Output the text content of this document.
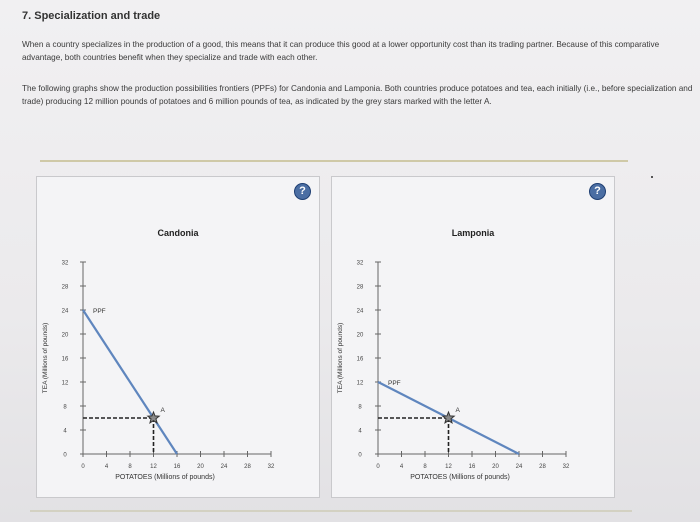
7. Specialization and trade
When a country specializes in the production of a good, this means that it can produce this good at a lower opportunity cost than its trading partner. Because of this comparative advantage, both countries benefit when they specialize and trade with each other.
The following graphs show the production possibilities frontiers (PPFs) for Candonia and Lamponia. Both countries produce potatoes and tea, each initially (i.e., before specialization and trade) producing 12 million pounds of potatoes and 6 million pounds of tea, as indicated by the grey stars marked with the letter A.
?
Candonia
0
4
8
12
16
20
24
28
32
0	4	8	12	16	20	24	28	32
POTATOES (Millions of pounds)
TEA (Millions of pounds)
PPF
A
?
Lamponia
0
4
8
12
16
20
24
28
32
0	4	8	12	16	20	24	28	32
POTATOES (Millions of pounds)
TEA (Millions of pounds)	PPF
A
